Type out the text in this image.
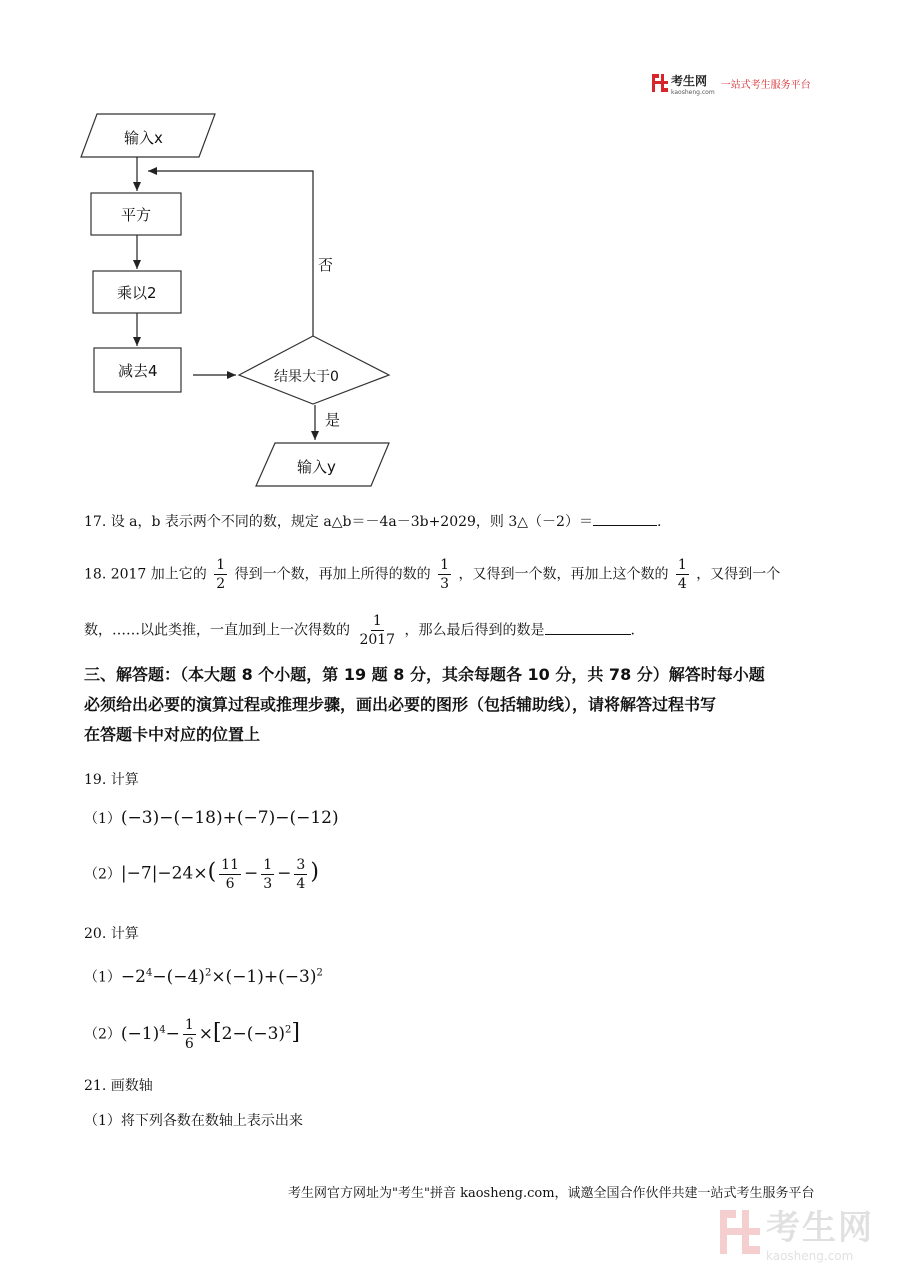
考生网
kaosheng.com
一站式考生服务平台
输入x
平方
乘以2
减去4	结果大于0
否
是
输入y
17. 设 a，b 表示两个不同的数，规定 a△b＝－4a－3b+2029，则 3△（－2）＝	.
18. 2017 加上它的 $\frac{1}{2}$ 得到一个数，再加上所得的数的 $\frac{1}{3}$ ，又得到一个数，再加上这个数的 $\frac{1}{4}$ ，又得到一个
数，……以此类推，一直加到上一次得数的 $\frac{1}{2017}$ ，那么最后得到的数是	.
三、解答题：（本大题 8 个小题，第 19 题 8 分，其余每题各 10 分，共 78 分）解答时每小题
必须给出必要的演算过程或推理步骤，画出必要的图形（包括辅助线），请将解答过程书写
在答题卡中对应的位置上
19. 计算
（1）(−3)−(−18)+(−7)−(−12)
$(2)|-7|-24\times( \frac{11}{6} - \frac{1}{3} - \frac{3}{4}$ )
20. 计算
$(1)-2^4-(-4)^2\times(-1)+(-3)^2$
$(2)(-1)^4- \frac{1}{6} \times[2-(-3)^2]$
21. 画数轴
（1）将下列各数在数轴上表示出来
考生网官方网址为"考生"拼音 kaosheng.com，诚邀全国合作伙伴共建一站式考生服务平台
考生网
kaosheng.com
